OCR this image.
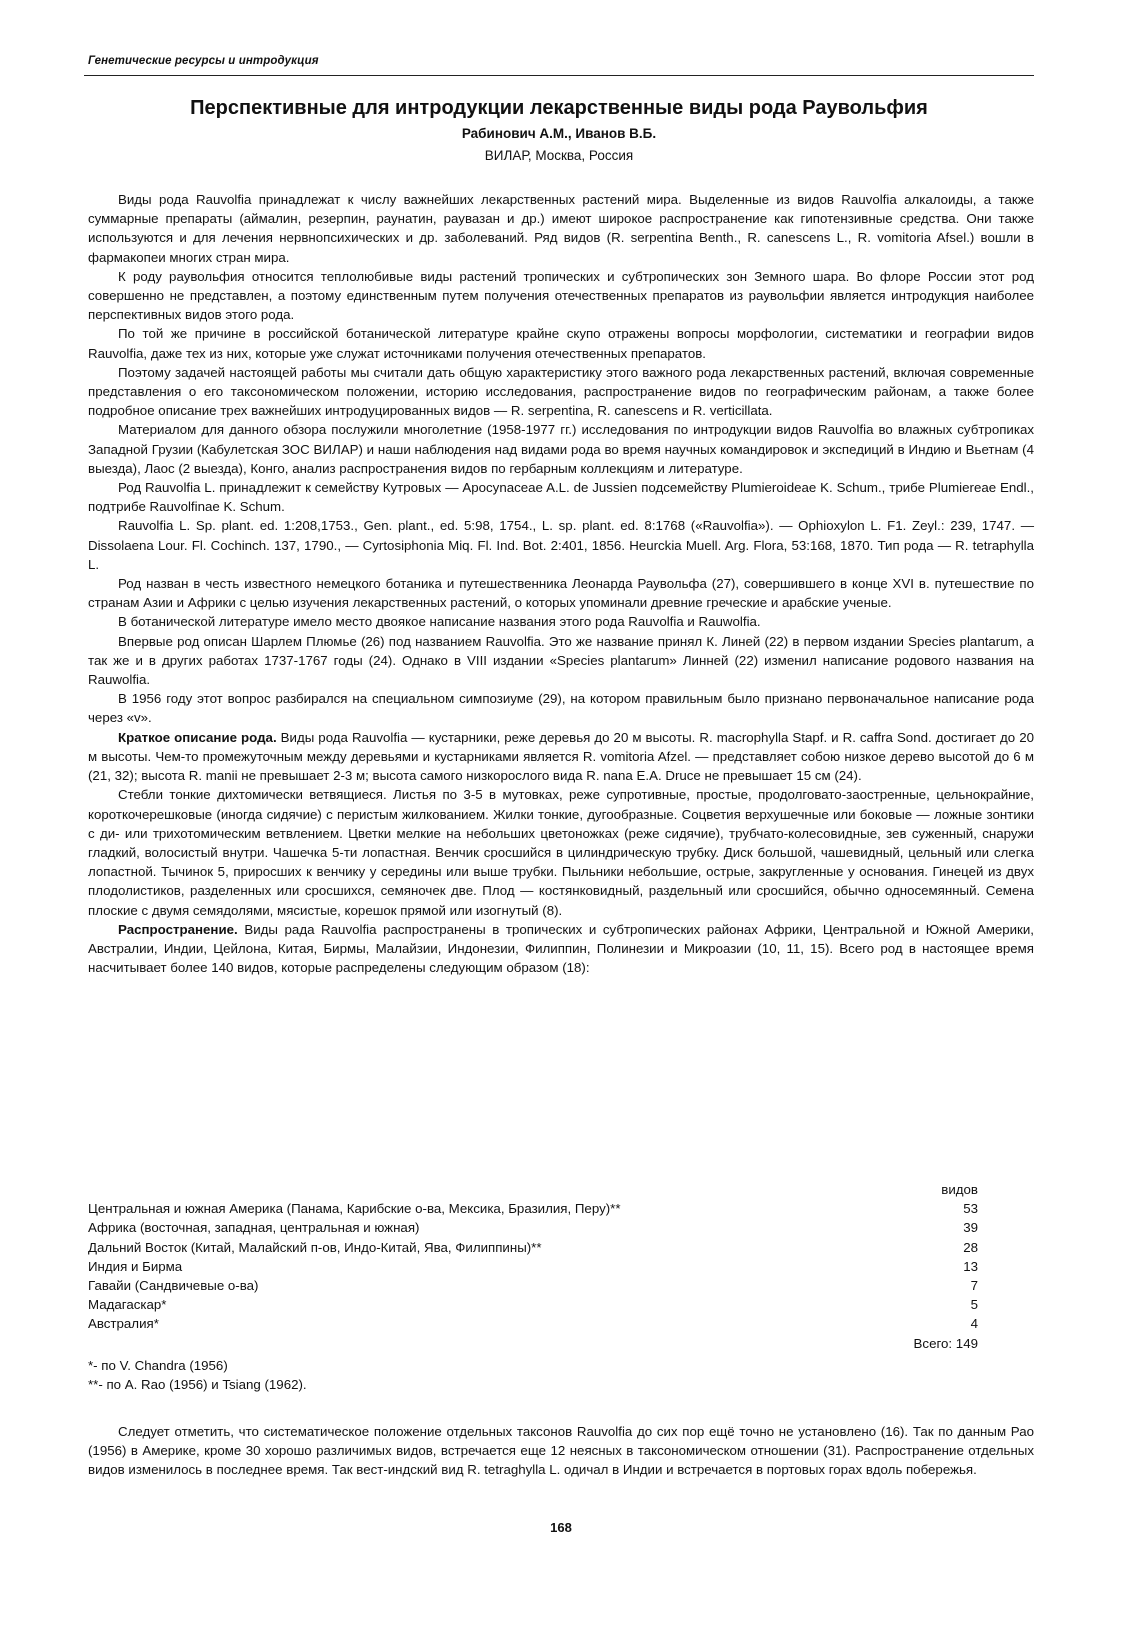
Генетические ресурсы и интродукция
Перспективные для интродукции лекарственные виды рода Раувольфия
Рабинович А.М., Иванов В.Б.
ВИЛАР, Москва, Россия

Виды рода Rauvolfia принадлежат к числу важнейших лекарственных растений мира. Выделенные из видов Rauvolfia алкалоиды, а также суммарные препараты (аймалин, резерпин, раунатин, раувазан и др.) имеют широкое распространение как гипотензивные средства. Они также используются и для лечения нервнопсихических и др. заболеваний. Ряд видов (R. serpentina Benth., R. canescens L., R. vomitoria Afsel.) вошли в фармакопеи многих стран мира.

К роду раувольфия относится теплолюбивые виды растений тропических и субтропических зон Земного шара. Во флоре России этот род совершенно не представлен, а поэтому единственным путем получения отечественных препаратов из раувольфии является интродукция наиболее перспективных видов этого рода.

По той же причине в российской ботанической литературе крайне скупо отражены вопросы морфологии, систематики и географии видов Rauvolfia, даже тех из них, которые уже служат источниками получения отечественных препаратов.

Поэтому задачей настоящей работы мы считали дать общую характеристику этого важного рода лекарственных растений, включая современные представления о его таксономическом положении, историю исследования, распространение видов по географическим районам, а также более подробное описание трех важнейших интродуцированных видов — R. serpentina, R. canescens и R. verticillata.

Материалом для данного обзора послужили многолетние (1958-1977 гг.) исследования по интродукции видов Rauvolfia во влажных субтропиках Западной Грузии (Кабулетская ЗОС ВИЛАР) и наши наблюдения над видами рода во время научных командировок и экспедиций в Индию и Вьетнам (4 выезда), Лаос (2 выезда), Конго, анализ распространения видов по гербарным коллекциям и литературе.

Род Rauvolfia L. принадлежит к семейству Кутровых — Apocynaceae A.L. de Jussien подсемейству Plumieroideae K. Schum., трибе Plumiereae Endl., подтрибе Rauvolfinae K. Schum.

Rauvolfia L. Sp. plant. ed. 1:208,1753., Gen. plant., ed. 5:98, 1754., L. sp. plant. ed. 8:1768 («Rauvolfia»). — Ophioxylon L. F1. Zeyl.: 239, 1747. — Dissolaena Lour. Fl. Cochinch. 137, 1790., — Cyrtosiphonia Miq. Fl. Ind. Bot. 2:401, 1856. Heurckia Muell. Arg. Flora, 53:168, 1870. Тип рода — R. tetraphylla L.

Род назван в честь известного немецкого ботаника и путешественника Леонарда Раувольфа (27), совершившего в конце XVI в. путешествие по странам Азии и Африки с целью изучения лекарственных растений, о которых упоминали древние греческие и арабские ученые.

В ботанической литературе имело место двоякое написание названия этого рода Rauvolfia и Rauwolfia.

Впервые род описан Шарлем Плюмье (26) под названием Rauvolfia. Это же название принял К. Линей (22) в первом издании Species plantarum, а так же и в других работах 1737-1767 годы (24). Однако в VIII издании «Species plantarum» Линней (22) изменил написание родового названия на Rauwolfia.

В 1956 году этот вопрос разбирался на специальном симпозиуме (29), на котором правильным было признано первоначальное написание рода через «v».

Краткое описание рода. Виды рода Rauvolfia — кустарники, реже деревья до 20 м высоты. R. macrophylla Stapf. и R. caffra Sond. достигает до 20 м высоты. Чем-то промежуточным между деревьями и кустарниками является R. vomitoria Afzel. — представляет собою низкое дерево высотой до 6 м (21, 32); высота R. manii не превышает 2-3 м; высота самого низкорослого вида R. nana E.A. Druce не превышает 15 см (24).

Стебли тонкие дихтомически ветвящиеся. Листья по 3-5 в мутовках, реже супротивные, простые, продолговато-заостренные, цельнокрайние, короткочерешковые (иногда сидячие) с перистым жилкованием. Жилки тонкие, дугообразные. Соцветия верхушечные или боковые — ложные зонтики с ди- или трихотомическим ветвлением. Цветки мелкие на небольших цветоножках (реже сидячие), трубчато-колесовидные, зев суженный, снаружи гладкий, волосистый внутри. Чашечка 5-ти лопастная. Венчик сросшийся в цилиндрическую трубку. Диск большой, чашевидный, цельный или слегка лопастной. Тычинок 5, приросших к венчику у середины или выше трубки. Пыльники небольшие, острые, закругленные у основания. Гинецей из двух плодолистиков, разделенных или сросшихся, семяночек две. Плод — костянковидный, раздельный или сросшийся, обычно односемянный. Семена плоские с двумя семядолями, мясистые, корешок прямой или изогнутый (8).

Распространение. Виды рада Rauvolfia распространены в тропических и субтропических районах Африки, Центральной и Южной Америки, Австралии, Индии, Цейлона, Китая, Бирмы, Малайзии, Индонезии, Филиппин, Полинезии и Микроазии (10, 11, 15). Всего род в настоящее время насчитывает более 140 видов, которые распределены следующим образом (18):

видов
Центральная и южная Америка (Панама, Карибские о-ва, Мексика, Бразилия, Перу)**	53
Африка (восточная, западная, центральная и южная)	39
Дальний Восток (Китай, Малайский п-ов, Индо-Китай, Ява, Филиппины)**	28
Индия и Бирма	13
Гавайи (Сандвичевые о-ва)	7
Мадагаскар*	5
Австралия*	4
Всего: 149
*- по V. Chandra (1956)
**- по A. Rao (1956) и Tsiang (1962).

Следует отметить, что систематическое положение отдельных таксонов Rauvolfia до сих пор ещё точно не установлено (16). Так по данным Рао (1956) в Америке, кроме 30 хорошо различимых видов, встречается еще 12 неясных в таксономическом отношении (31). Распространение отдельных видов изменилось в последнее время. Так вест-индский вид R. tetraghylla L. одичал в Индии и встречается в портовых горах вдоль побережья.

168
